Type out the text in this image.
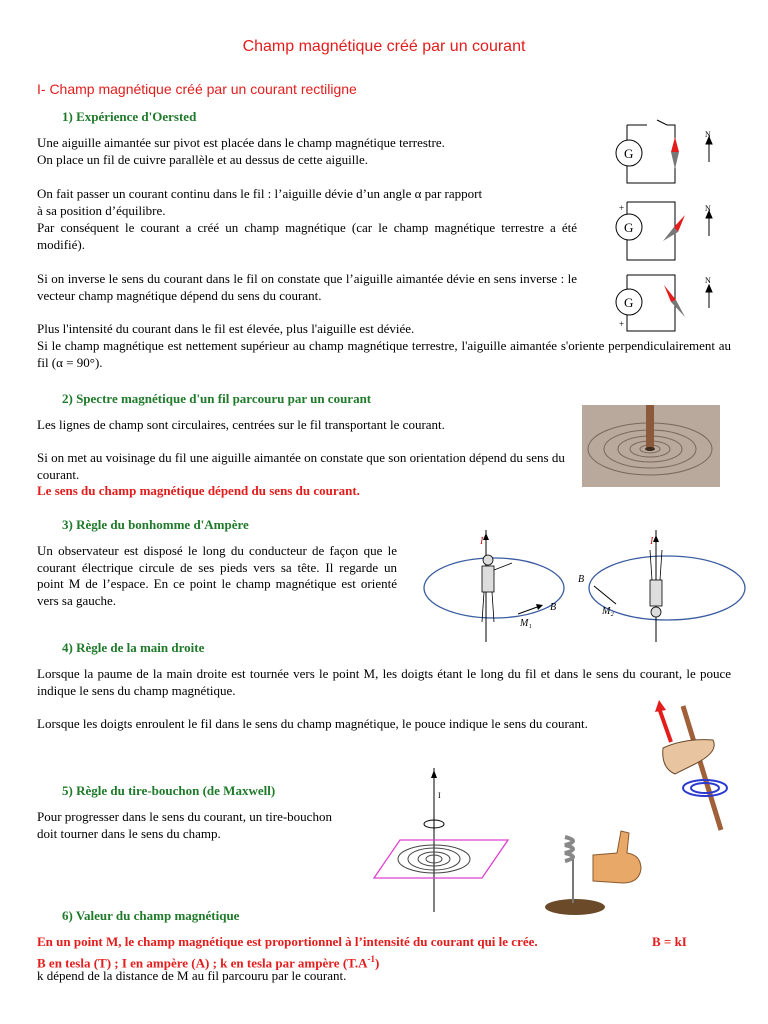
Champ magnétique créé par un courant
I- Champ magnétique créé par un courant rectiligne
1) Expérience d'Oersted
Une aiguille aimantée sur pivot est placée dans le champ magnétique terrestre.
On place un fil de cuivre parallèle et au dessus de cette aiguille.
On fait passer un courant continu dans le fil : l’aiguille dévie d’un angle α par rapport
à sa position d’équilibre.
Par conséquent le courant a créé un champ magnétique (car le champ magnétique terrestre a été modifié).
Si on inverse le sens du courant dans le fil on constate que l’aiguille aimantée dévie en sens inverse : le vecteur champ magnétique dépend du sens du courant.
Plus l'intensité du courant dans le fil est élevée, plus l'aiguille est déviée.
Si le champ magnétique est nettement supérieur au champ magnétique terrestre, l'aiguille aimantée s'oriente perpendiculairement au fil (α = 90°).
G
G
G
+
+
N
N
N
2) Spectre magnétique d'un fil parcouru par un courant
Les lignes de champ sont circulaires, centrées sur le fil transportant le courant.
Si on met au voisinage du fil une aiguille aimantée on constate que son orientation dépend du sens du courant.
Le sens du champ magnétique dépend du sens du courant.
3) Règle du bonhomme d'Ampère
Un observateur est disposé le long du conducteur de façon que le courant électrique circule de ses pieds vers sa tête. Il regarde un point M de l’espace. En ce point le champ magnétique est orienté vers sa gauche.
I
M₁
B
I
B
M₂
4) Règle de la main droite
Lorsque la paume de la main droite est tournée vers le point M, les doigts étant le long du fil et dans le sens du courant, le pouce indique le sens du champ magnétique.
Lorsque les doigts enroulent le fil dans le sens du champ magnétique, le pouce indique le sens du courant.
5) Règle du tire-bouchon (de Maxwell)
Pour progresser dans le sens du courant, un tire-bouchon doit tourner dans le sens du champ.
I
6) Valeur du champ magnétique
En un point M, le champ magnétique est proportionnel à l’intensité du courant qui le crée.	B = kI
B en tesla (T) ; I en ampère (A) ; k en tesla par ampère $(T.A^{-1})$
k dépend de la distance de M au fil parcouru par le courant.
